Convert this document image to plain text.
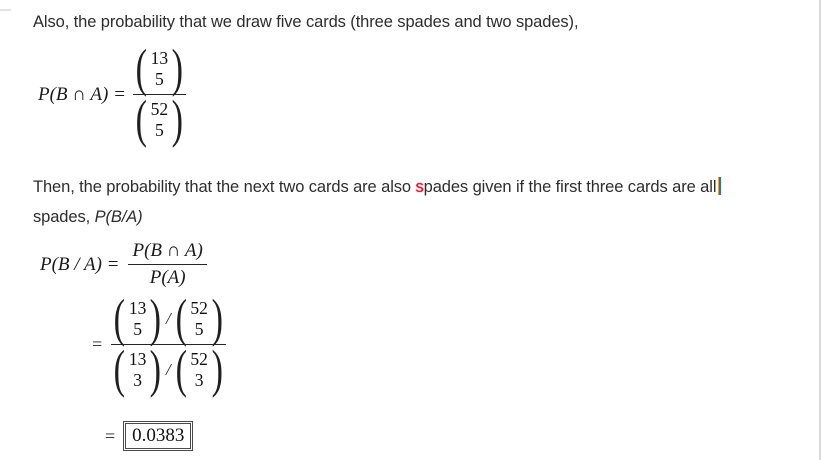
Also, the probability that we draw five cards (three spades and two spades),
P(B ∩ A) = ( 13
5 )
( 52
5 )
Then, the probability that the next two cards are also spades given if the first three cards are all
spades, P(B/A)
$P(B / A) = \frac{P(B \cap A)}{P(A)}$
= ( 13
5 ) / ( 52
5 )
( 13
3 ) / ( 52
3 )
= 0.0383
